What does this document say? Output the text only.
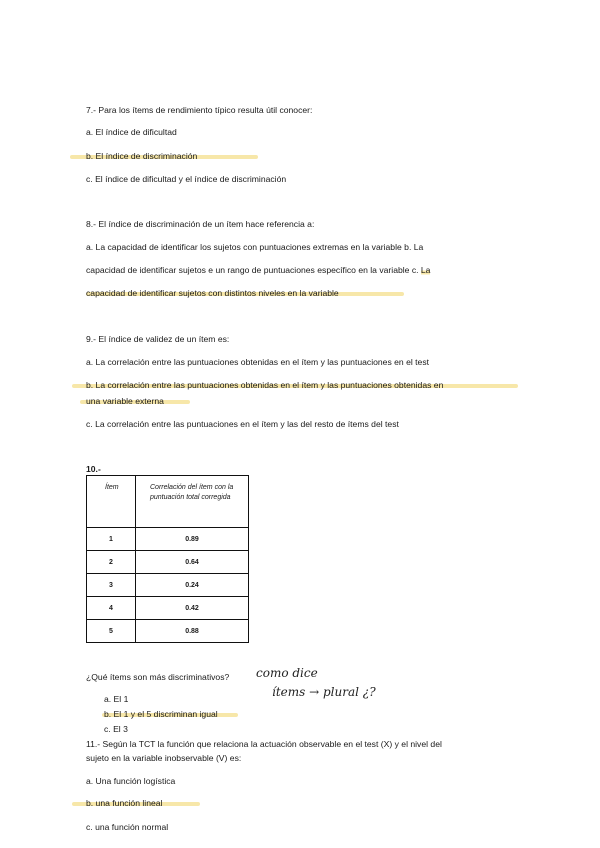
7.- Para los ítems de rendimiento típico resulta útil conocer:
a. El índice de dificultad
b. El índice de discriminación
c. El índice de dificultad y el índice de discriminación
8.- El índice de discriminación de un ítem hace referencia a:
a. La capacidad de identificar los sujetos con puntuaciones extremas en la variable b. La
capacidad de identificar sujetos e un rango de puntuaciones específico en la variable c. La
capacidad de identificar sujetos con distintos niveles en la variable
9.- El índice de validez de un ítem es:
a. La correlación entre las puntuaciones obtenidas en el ítem y las puntuaciones en el test
b. La correlación entre las puntuaciones obtenidas en el ítem y las puntuaciones obtenidas en
una variable externa
c. La correlación entre las puntuaciones en el ítem y las del resto de ítems del test
10.-
Ítem	Correlación del ítem con la puntuación total corregida
1	0.89
2	0.64
3	0.24
4	0.42
5	0.88
¿Qué ítems son más discriminativos? como dice
ítems → plural ¿?
a. El 1
b. El 1 y el 5 discriminan igual
c. El 3
11.- Según la TCT la función que relaciona la actuación observable en el test (X) y el nivel del
sujeto en la variable inobservable (V) es:
a. Una función logística
b. una función lineal
c. una función normal
